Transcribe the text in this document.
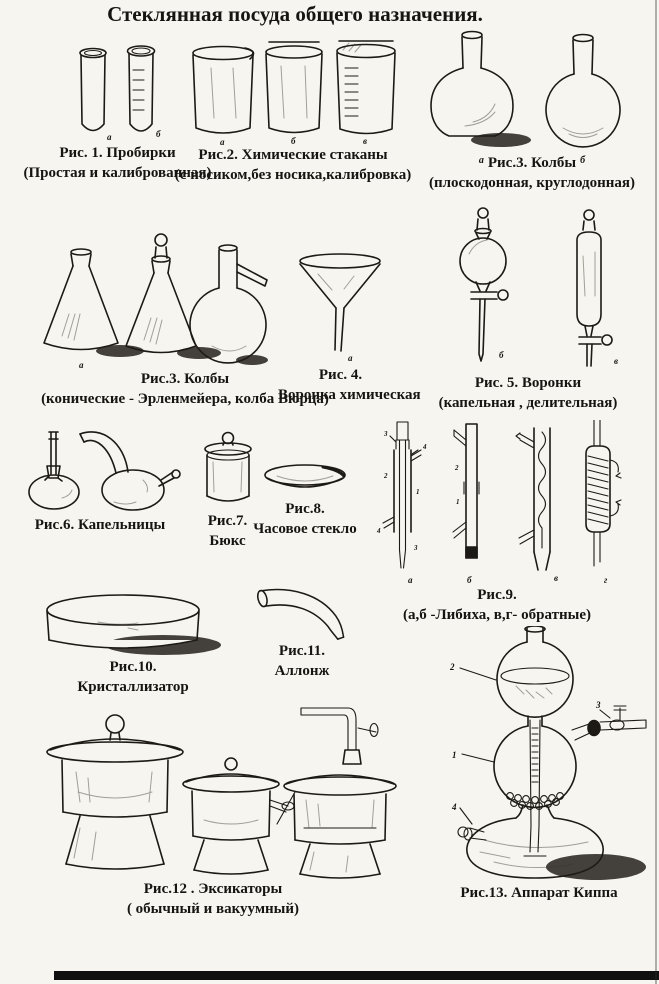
Стеклянная посуда общего назначения.
а	б
Рис. 1. Пробирки
(Простая и калиброванная)
а	б	в
Рис.2. Химические стаканы
(с носиком,без носика,калибровка)
$^а$ Рис.3. Колбы $^б$
(плоскодонная, круглодонная)
а
Рис.3. Колбы
(конические - Эрленмейера, колба Вюрца)
а
Рис. 4.
Воронка химическая
б
в
Рис. 5. Воронки
(капельная , делительная)
Рис.6. Капельницы	Рис.7.
Бюкс
Рис.8.
Часовое стекло
3
4
2
1
4
3
2
1
а	б	в	г
Рис.9.
(а,б -Либиха, в,г- обратные)
Рис.10.
Кристаллизатор
Рис.11.
Аллонж
Рис.12 . Эксикаторы
( обычный и вакуумный)
2
1
3
4
Рис.13. Аппарат Киппа
